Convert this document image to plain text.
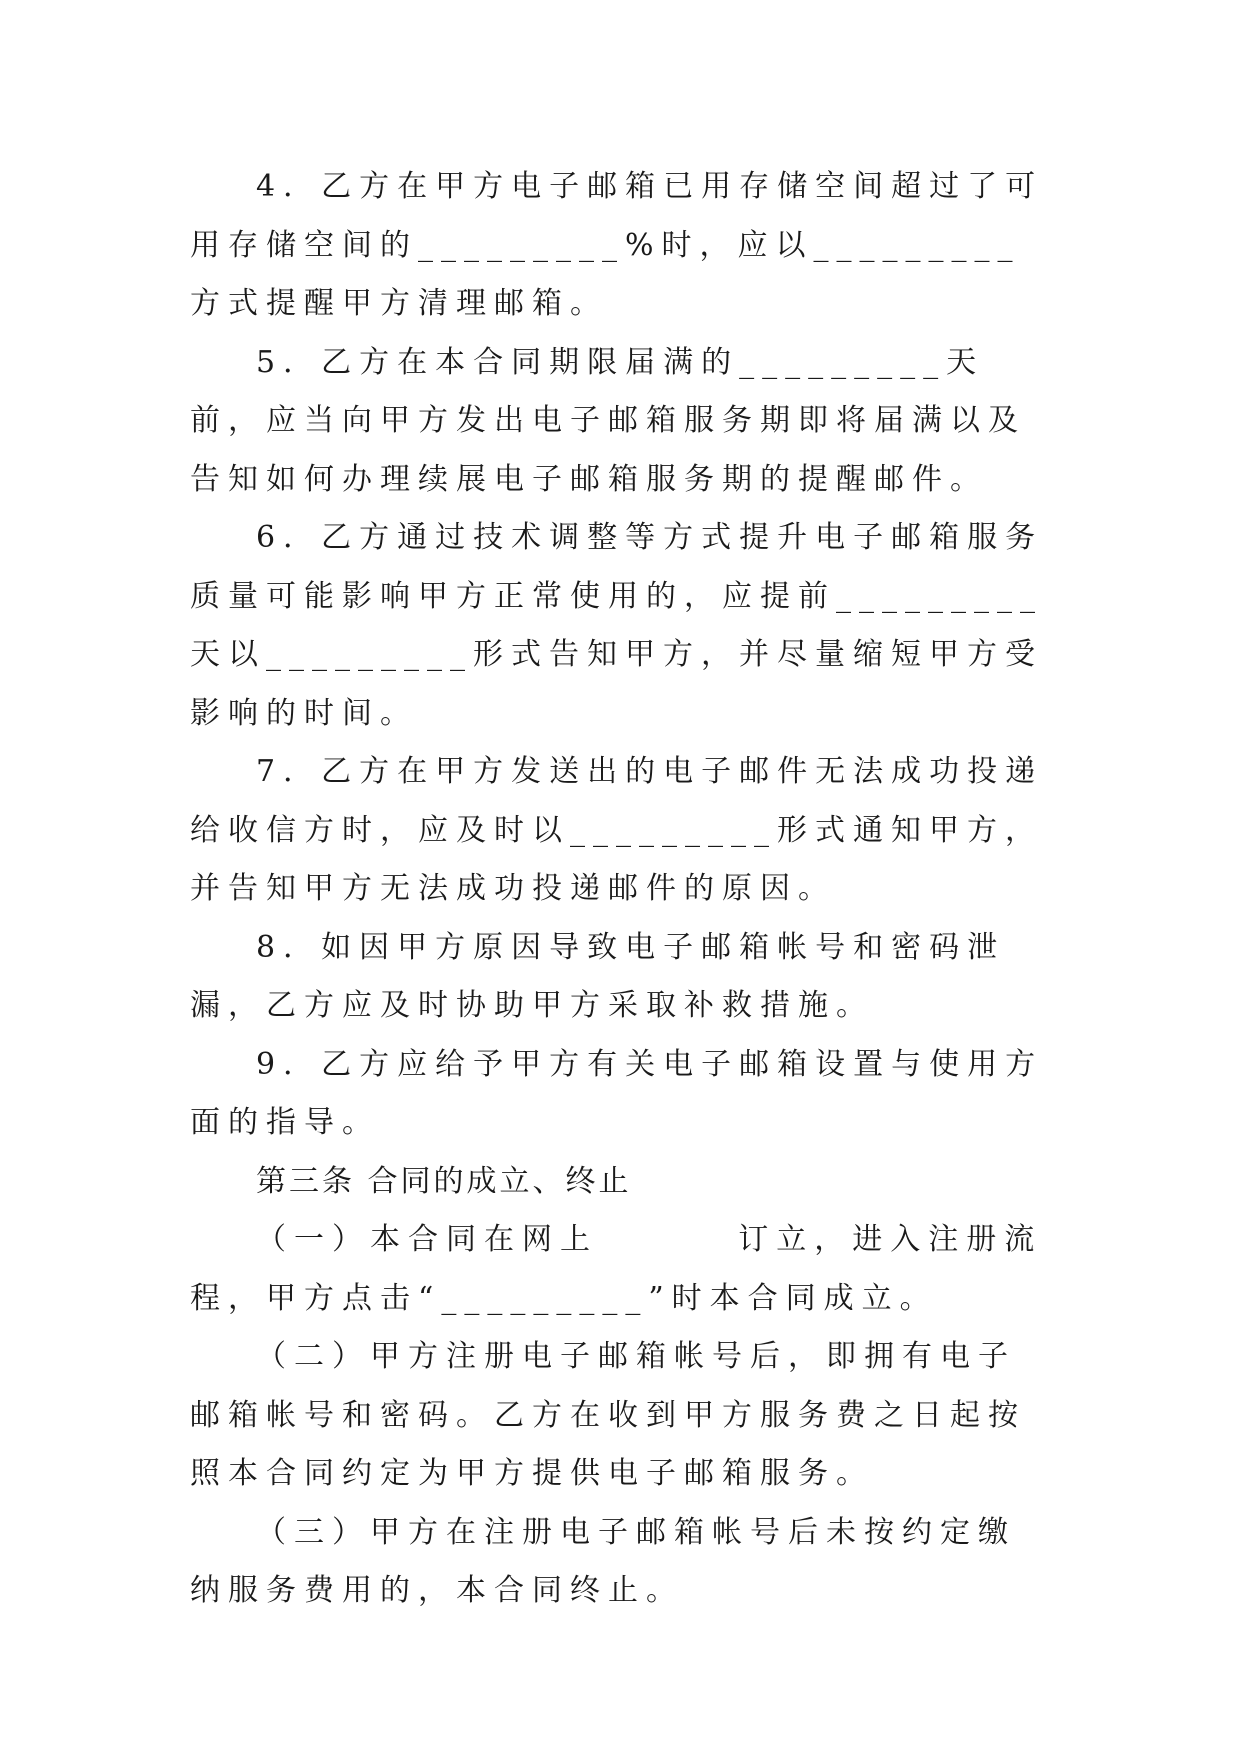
4．乙方在甲方电子邮箱已用存储空间超过了可用存储空间的_________%时，应以_________方式提醒甲方清理邮箱。

5．乙方在本合同期限届满的_________天前，应当向甲方发出电子邮箱服务期即将届满以及告知如何办理续展电子邮箱服务期的提醒邮件。

6．乙方通过技术调整等方式提升电子邮箱服务质量可能影响甲方正常使用的，应提前_________天以_________形式告知甲方，并尽量缩短甲方受影响的时间。

7．乙方在甲方发送出的电子邮件无法成功投递给收信方时，应及时以_________形式通知甲方，并告知甲方无法成功投递邮件的原因。

8．如因甲方原因导致电子邮箱帐号和密码泄漏，乙方应及时协助甲方采取补救措施。

9．乙方应给予甲方有关电子邮箱设置与使用方面的指导。

第三条 合同的成立、终止

（一）本合同在网上        订立，进入注册流程，甲方点击“_________”时本合同成立。

（二）甲方注册电子邮箱帐号后，即拥有电子邮箱帐号和密码。乙方在收到甲方服务费之日起按照本合同约定为甲方提供电子邮箱服务。

（三）甲方在注册电子邮箱帐号后未按约定缴纳服务费用的，本合同终止。
